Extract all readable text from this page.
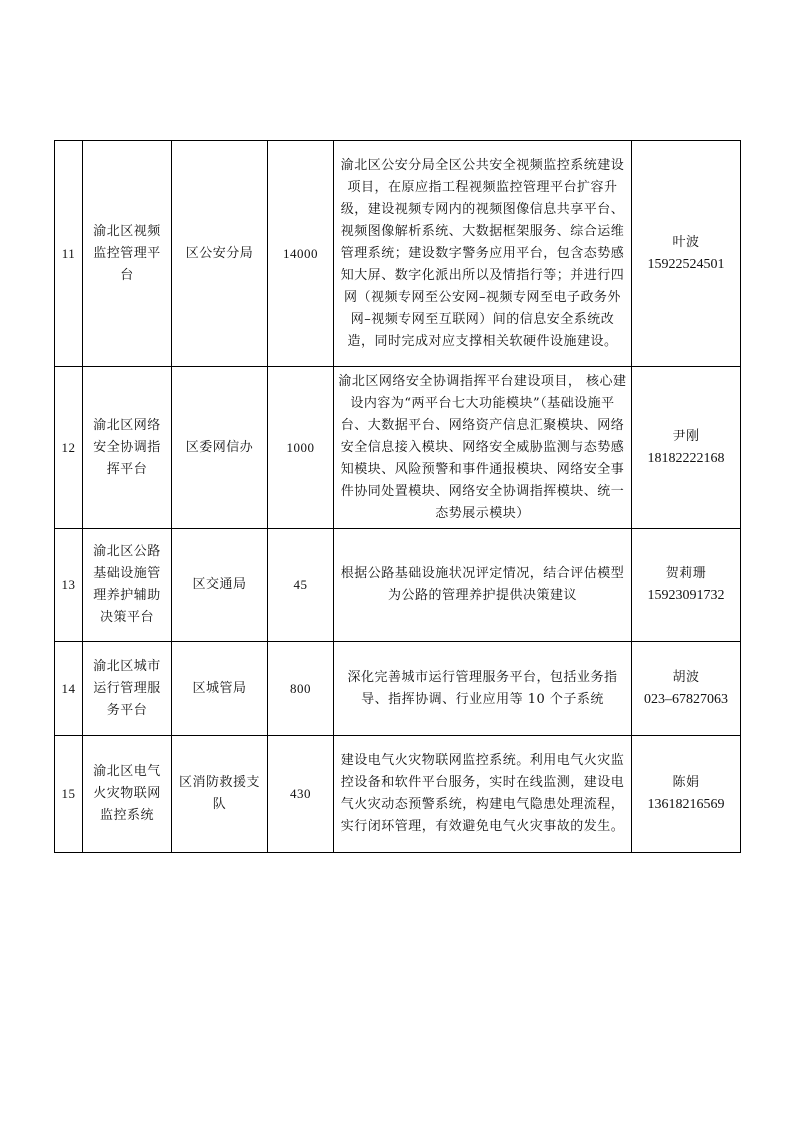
11	渝北区视频监控管理平台	区公安分局	14000	渝北区公安分局全区公共安全视频监控系统建设项目，在原应指工程视频监控管理平台扩容升级，建设视频专网内的视频图像信息共享平台、视频图像解析系统、大数据框架服务、综合运维管理系统；建设数字警务应用平台，包含态势感知大屏、数字化派出所以及情指行等；并进行四网（视频专网至公安网–视频专网至电子政务外网–视频专网至互联网）间的信息安全系统改造，同时完成对应支撑相关软硬件设施建设。	叶波
15922524501

12	渝北区网络安全协调指挥平台	区委网信办	1000	渝北区网络安全协调指挥平台建设项目， 核心建设内容为“两平台七大功能模块”（基础设施平台、大数据平台、网络资产信息汇聚模块、网络安全信息接入模块、网络安全威胁监测与态势感知模块、风险预警和事件通报模块、网络安全事件协同处置模块、网络安全协调指挥模块、统一态势展示模块）	尹刚
18182222168

13	渝北区公路基础设施管理养护辅助决策平台	区交通局	45	根据公路基础设施状况评定情况，结合评估模型为公路的管理养护提供决策建议	贺莉珊
15923091732

14	渝北区城市运行管理服务平台	区城管局	800	深化完善城市运行管理服务平台，包括业务指导、指挥协调、行业应用等 10 个子系统	胡波
023–67827063

15	渝北区电气火灾物联网监控系统	区消防救援支队	430	建设电气火灾物联网监控系统。利用电气火灾监控设备和软件平台服务，实时在线监测，建设电气火灾动态预警系统，构建电气隐患处理流程，实行闭环管理，有效避免电气火灾事故的发生。	陈娟
13618216569
